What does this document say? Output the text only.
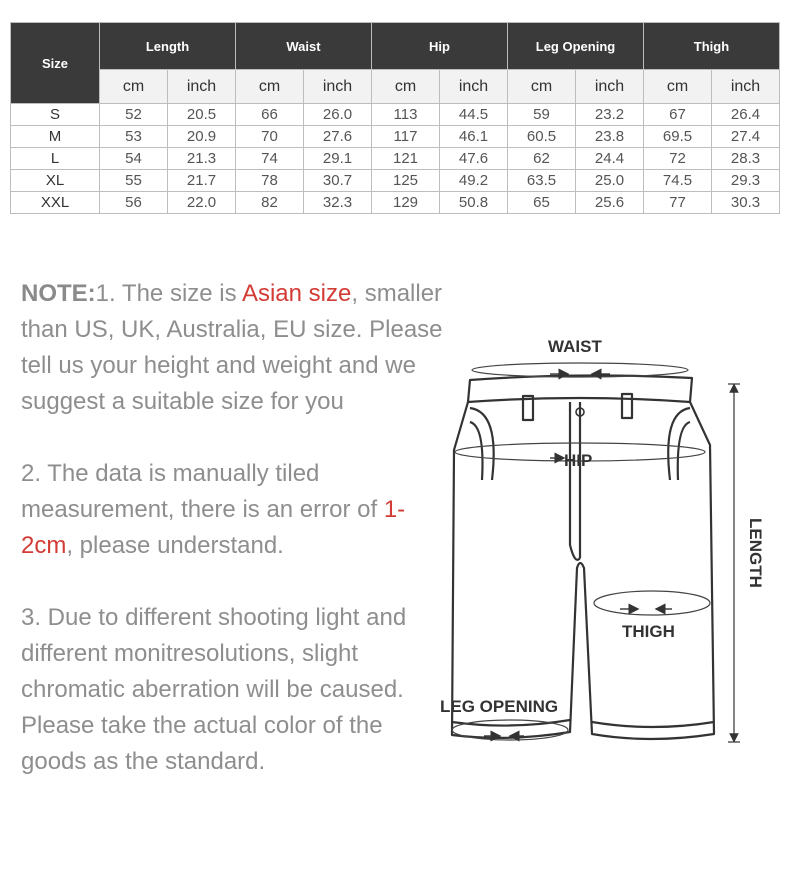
Size	Length		Waist		Hip		Leg Opening		Thigh	
	cm	inch	cm	inch	cm	inch	cm	inch	cm	inch
S	52	20.5	66	26.0	113	44.5	59	23.2	67	26.4
M	53	20.9	70	27.6	117	46.1	60.5	23.8	69.5	27.4
L	54	21.3	74	29.1	121	47.6	62	24.4	72	28.3
XL	55	21.7	78	30.7	125	49.2	63.5	25.0	74.5	29.3
XXL	56	22.0	82	32.3	129	50.8	65	25.6	77	30.3

NOTE:1. The size is Asian size, smaller than US, UK, Australia, EU size. Please tell us your height and weight and we suggest a suitable size for you

2. The data is manually tiled measurement, there is an error of 1-2cm, please understand.

3. Due to different shooting light and different monitresolutions, slight chromatic aberration will be caused. Please take the actual color of the goods as the standard.

WAIST
HIP
THIGH
LEG OPENING
LENGTH
